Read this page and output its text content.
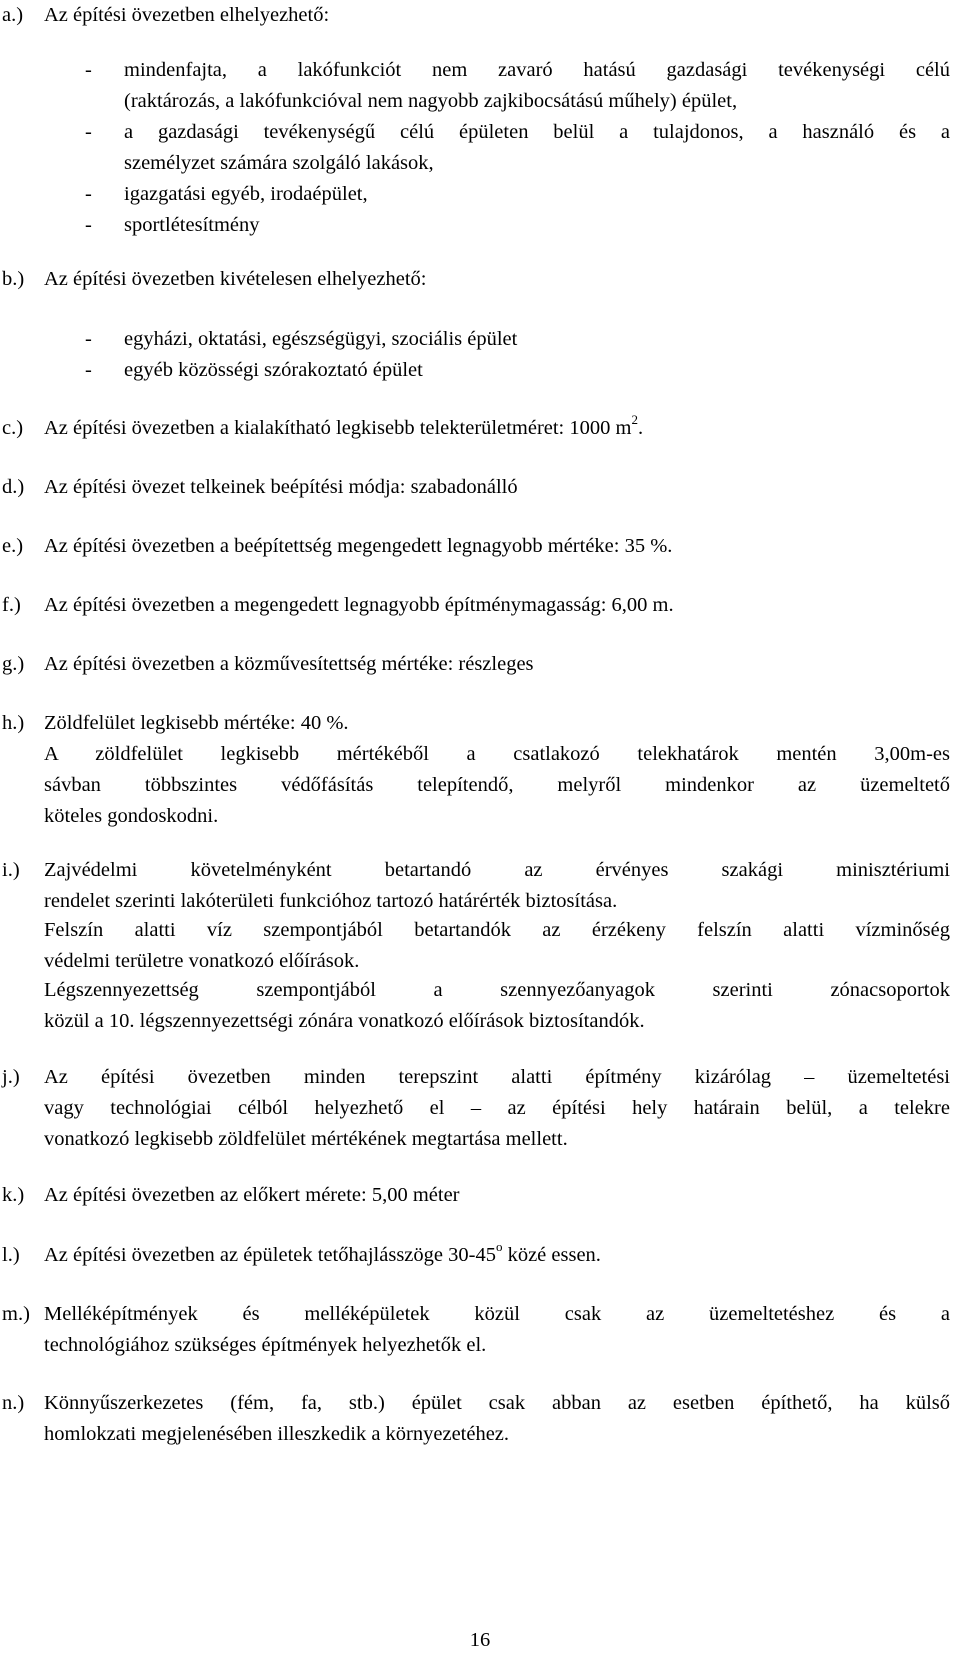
a.) Az építési övezetben elhelyezhető:
- mindenfajta, a lakófunkciót nem zavaró hatású gazdasági tevékenységi célú
(raktározás, a lakófunkcióval nem nagyobb zajkibocsátású műhely) épület,
- a gazdasági tevékenységű célú épületen belül a tulajdonos, a használó és a
személyzet számára szolgáló lakások,
- igazgatási egyéb, irodaépület,
- sportlétesítmény
b.) Az építési övezetben kivételesen elhelyezhető:
- egyházi, oktatási, egészségügyi, szociális épület
- egyéb közösségi szórakoztató épület
c.) Az építési övezetben a kialakítható legkisebb telekterületméret: 1000 $m^2$.
d.) Az építési övezet telkeinek beépítési módja: szabadonálló
e.) Az építési övezetben a beépítettség megengedett legnagyobb mértéke: 35 %.
f.) Az építési övezetben a megengedett legnagyobb építménymagasság: 6,00 m.
g.) Az építési övezetben a közművesítettség mértéke: részleges
h.) Zöldfelület legkisebb mértéke: 40 %.
A zöldfelület legkisebb mértékéből a csatlakozó telekhatárok mentén 3,00m-es
sávban többszintes védőfásítás telepítendő, melyről mindenkor az üzemeltető
köteles gondoskodni.
i.) Zajvédelmi követelményként betartandó az érvényes szakági minisztériumi
rendelet szerinti lakóterületi funkcióhoz tartozó határérték biztosítása.
Felszín alatti víz szempontjából betartandók az érzékeny felszín alatti vízminőség
védelmi területre vonatkozó előírások.
Légszennyezettség szempontjából a szennyezőanyagok szerinti zónacsoportok
közül a 10. légszennyezettségi zónára vonatkozó előírások biztosítandók.
j.) Az építési övezetben minden terepszint alatti építmény kizárólag – üzemeltetési
vagy technológiai célból helyezhető el – az építési hely határain belül, a telekre
vonatkozó legkisebb zöldfelület mértékének megtartása mellett.
k.) Az építési övezetben az előkert mérete: 5,00 méter
l.) Az építési övezetben az épületek tetőhajlásszöge 30-45$^o$ közé essen.
m.) Melléképítmények és melléképületek közül csak az üzemeltetéshez és a
technológiához szükséges építmények helyezhetők el.
n.) Könnyűszerkezetes (fém, fa, stb.) épület csak abban az esetben építhető, ha külső
homlokzati megjelenésében illeszkedik a környezetéhez.
16
